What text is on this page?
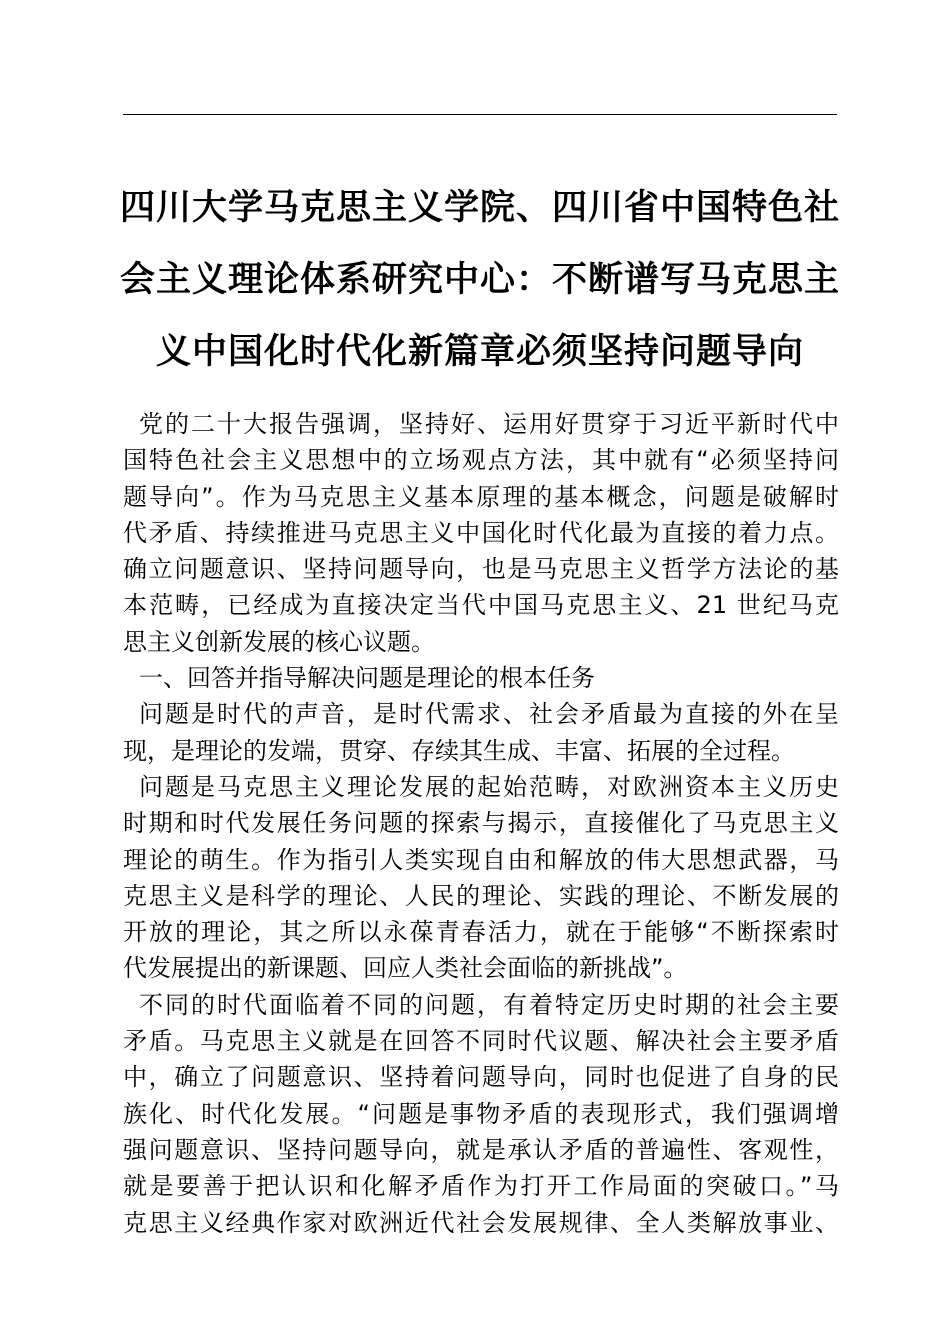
四川大学马克思主义学院、四川省中国特色社
会主义理论体系研究中心：不断谱写马克思主
义中国化时代化新篇章必须坚持问题导向
党的二十大报告强调，坚持好、运用好贯穿于习近平新时代中
国特色社会主义思想中的立场观点方法，其中就有“必须坚持问
题导向”。作为马克思主义基本原理的基本概念，问题是破解时
代矛盾、持续推进马克思主义中国化时代化最为直接的着力点。
确立问题意识、坚持问题导向，也是马克思主义哲学方法论的基
本范畴，已经成为直接决定当代中国马克思主义、21 世纪马克
思主义创新发展的核心议题。
一、回答并指导解决问题是理论的根本任务
问题是时代的声音，是时代需求、社会矛盾最为直接的外在呈
现，是理论的发端，贯穿、存续其生成、丰富、拓展的全过程。
问题是马克思主义理论发展的起始范畴，对欧洲资本主义历史
时期和时代发展任务问题的探索与揭示，直接催化了马克思主义
理论的萌生。作为指引人类实现自由和解放的伟大思想武器，马
克思主义是科学的理论、人民的理论、实践的理论、不断发展的
开放的理论，其之所以永葆青春活力，就在于能够“不断探索时
代发展提出的新课题、回应人类社会面临的新挑战”。
不同的时代面临着不同的问题，有着特定历史时期的社会主要
矛盾。马克思主义就是在回答不同时代议题、解决社会主要矛盾
中，确立了问题意识、坚持着问题导向，同时也促进了自身的民
族化、时代化发展。“问题是事物矛盾的表现形式，我们强调增
强问题意识、坚持问题导向，就是承认矛盾的普遍性、客观性，
就是要善于把认识和化解矛盾作为打开工作局面的突破口。”马
克思主义经典作家对欧洲近代社会发展规律、全人类解放事业、
